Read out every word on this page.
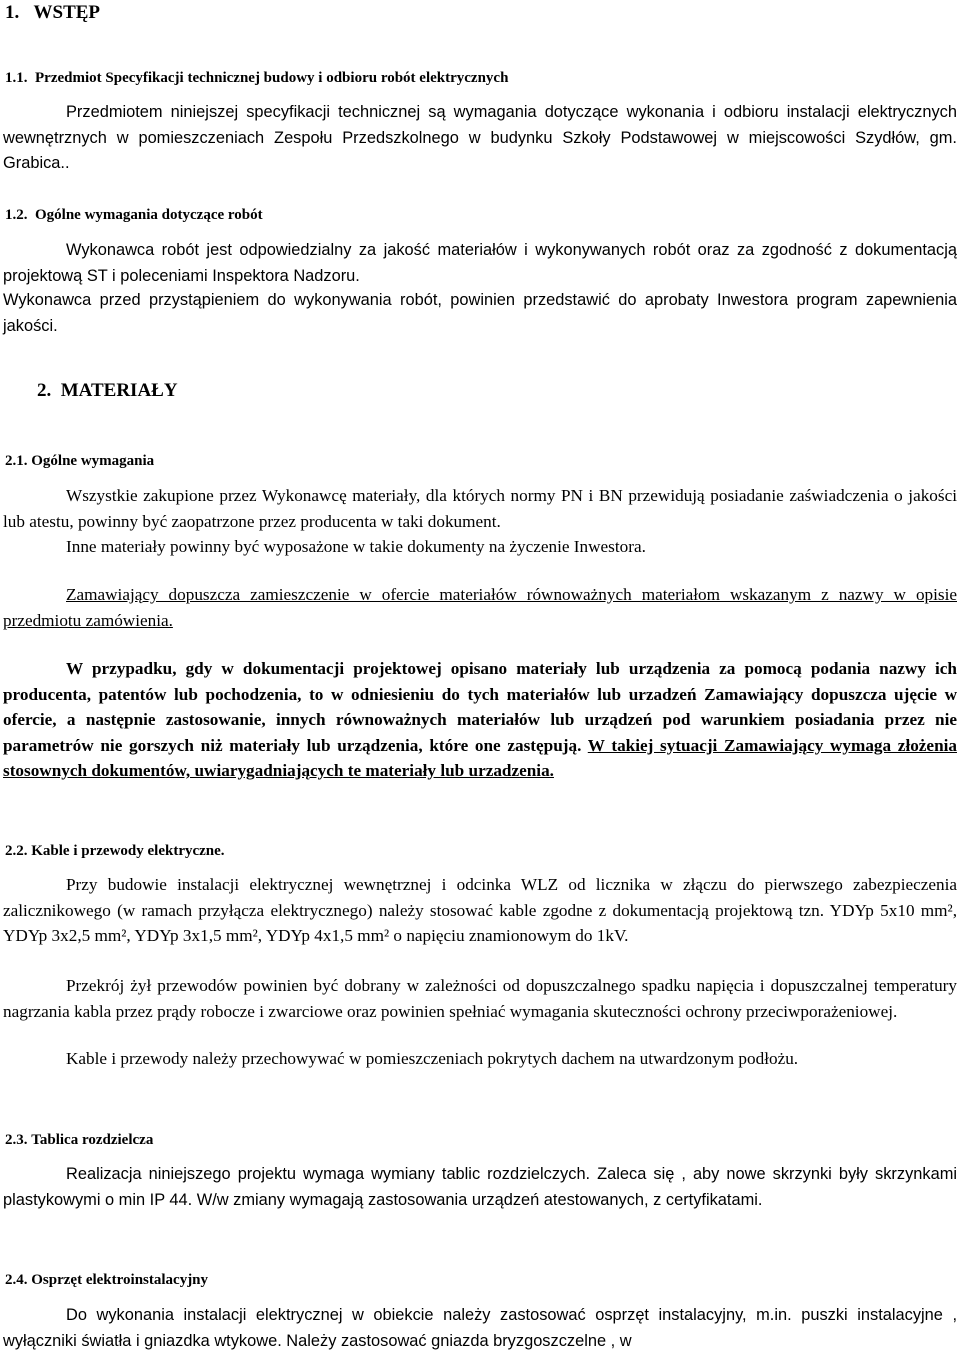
1. WSTĘP
1.1. Przedmiot Specyfikacji technicznej budowy i odbioru robót elektrycznych

Przedmiotem niniejszej specyfikacji technicznej są wymagania dotyczące wykonania i odbioru instalacji elektrycznych wewnętrznych w pomieszczeniach Zespołu Przedszkolnego w budynku Szkoły Podstawowej w miejscowości Szydłów, gm. Grabica..

1.2. Ogólne wymagania dotyczące robót

Wykonawca robót jest odpowiedzialny za jakość materiałów i wykonywanych robót oraz za zgodność z dokumentacją projektową ST i poleceniami Inspektora Nadzoru.

Wykonawca przed przystąpieniem do wykonywania robót, powinien przedstawić do aprobaty Inwestora program zapewnienia jakości.

2. MATERIAŁY
2.1. Ogólne wymagania

Wszystkie zakupione przez Wykonawcę materiały, dla których normy PN i BN przewidują posiadanie zaświadczenia o jakości lub atestu, powinny być zaopatrzone przez producenta w taki dokument.

Inne materiały powinny być wyposażone w takie dokumenty na życzenie Inwestora.

Zamawiający dopuszcza zamieszczenie w ofercie materiałów równoważnych materiałom wskazanym z nazwy w opisie przedmiotu zamówienia.

W przypadku, gdy w dokumentacji projektowej opisano materiały lub urządzenia za pomocą podania nazwy ich producenta, patentów lub pochodzenia, to w odniesieniu do tych materiałów lub urzadzeń Zamawiający dopuszcza ujęcie w ofercie, a następnie zastosowanie, innych równoważnych materiałów lub urządzeń pod warunkiem posiadania przez nie parametrów nie gorszych niż materiały lub urządzenia, które one zastępują. W takiej sytuacji Zamawiający wymaga złożenia stosownych dokumentów, uwiarygadniających te materiały lub urzadzenia.

2.2. Kable i przewody elektryczne.

Przy budowie instalacji elektrycznej wewnętrznej i odcinka WLZ od licznika w złączu do pierwszego zabezpieczenia zalicznikowego (w ramach przyłącza elektrycznego) należy stosować kable zgodne z dokumentacją projektową tzn. YDYp 5x10 mm², YDYp 3x2,5 mm², YDYp 3x1,5 mm², YDYp 4x1,5 mm² o napięciu znamionowym do 1kV.

Przekrój żył przewodów powinien być dobrany w zależności od dopuszczalnego spadku napięcia i dopuszczalnej temperatury nagrzania kabla przez prądy robocze i zwarciowe oraz powinien spełniać wymagania skuteczności ochrony przeciwporażeniowej.

Kable i przewody należy przechowywać w pomieszczeniach pokrytych dachem na utwardzonym podłożu.

2.3. Tablica rozdzielcza

Realizacja niniejszego projektu wymaga wymiany tablic rozdzielczych. Zaleca się , aby nowe skrzynki były skrzynkami plastykowymi o min IP 44. W/w zmiany wymagają zastosowania urządzeń atestowanych, z certyfikatami.

2.4. Osprzęt elektroinstalacyjny

Do wykonania instalacji elektrycznej w obiekcie należy zastosować osprzęt instalacyjny, m.in. puszki instalacyjne , wyłączniki światła i gniazdka wtykowe. Należy zastosować gniazda bryzgoszczelne , w
